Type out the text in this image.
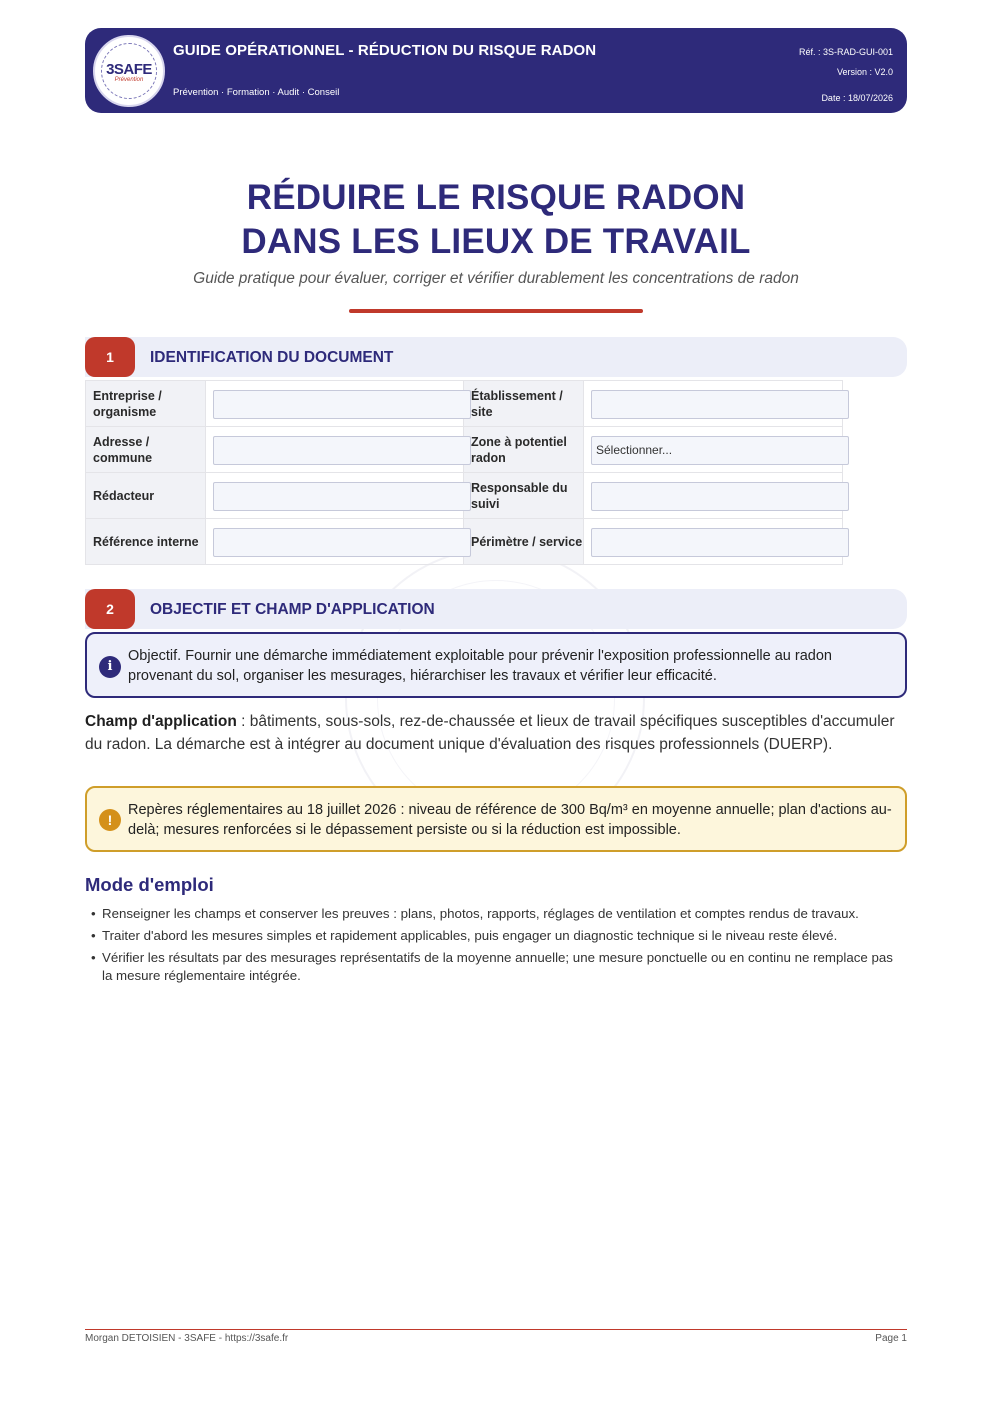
3SAFE
Prévention
GUIDE OPÉRATIONNEL - RÉDUCTION DU RISQUE RADON
Prévention · Formation · Audit · Conseil
Réf. : 3S-RAD-GUI-001
Version : V2.0
Date : 18/07/2026
RÉDUIRE LE RISQUE RADON
DANS LES LIEUX DE TRAVAIL
Guide pratique pour évaluer, corriger et vérifier durablement les concentrations de radon
1	IDENTIFICATION DU DOCUMENT
Entreprise / organisme		Établissement / site	

Adresse / commune		Zone à potentiel radon	Sélectionner...

Rédacteur		Responsable du suivi	

Référence interne		Périmètre / service	
2	OBJECTIF ET CHAMP D'APPLICATION
i
Objectif. Fournir une démarche immédiatement exploitable pour prévenir l'exposition professionnelle au radon provenant du sol, organiser les mesurages, hiérarchiser les travaux et vérifier leur efficacité.
Champ d'application : bâtiments, sous-sols, rez-de-chaussée et lieux de travail spécifiques susceptibles d'accumuler du radon. La démarche est à intégrer au document unique d'évaluation des risques professionnels (DUERP).
!
Repères réglementaires au 18 juillet 2026 : niveau de référence de 300 Bq/m³ en moyenne annuelle; plan d'actions au-delà; mesures renforcées si le dépassement persiste ou si la réduction est impossible.
Mode d'emploi
• Renseigner les champs et conserver les preuves : plans, photos, rapports, réglages de ventilation et comptes rendus de travaux.
• Traiter d'abord les mesures simples et rapidement applicables, puis engager un diagnostic technique si le niveau reste élevé.
• Vérifier les résultats par des mesurages représentatifs de la moyenne annuelle; une mesure ponctuelle ou en continu ne remplace pas la mesure réglementaire intégrée.
Morgan DETOISIEN - 3SAFE - https://3safe.fr	Page 1
